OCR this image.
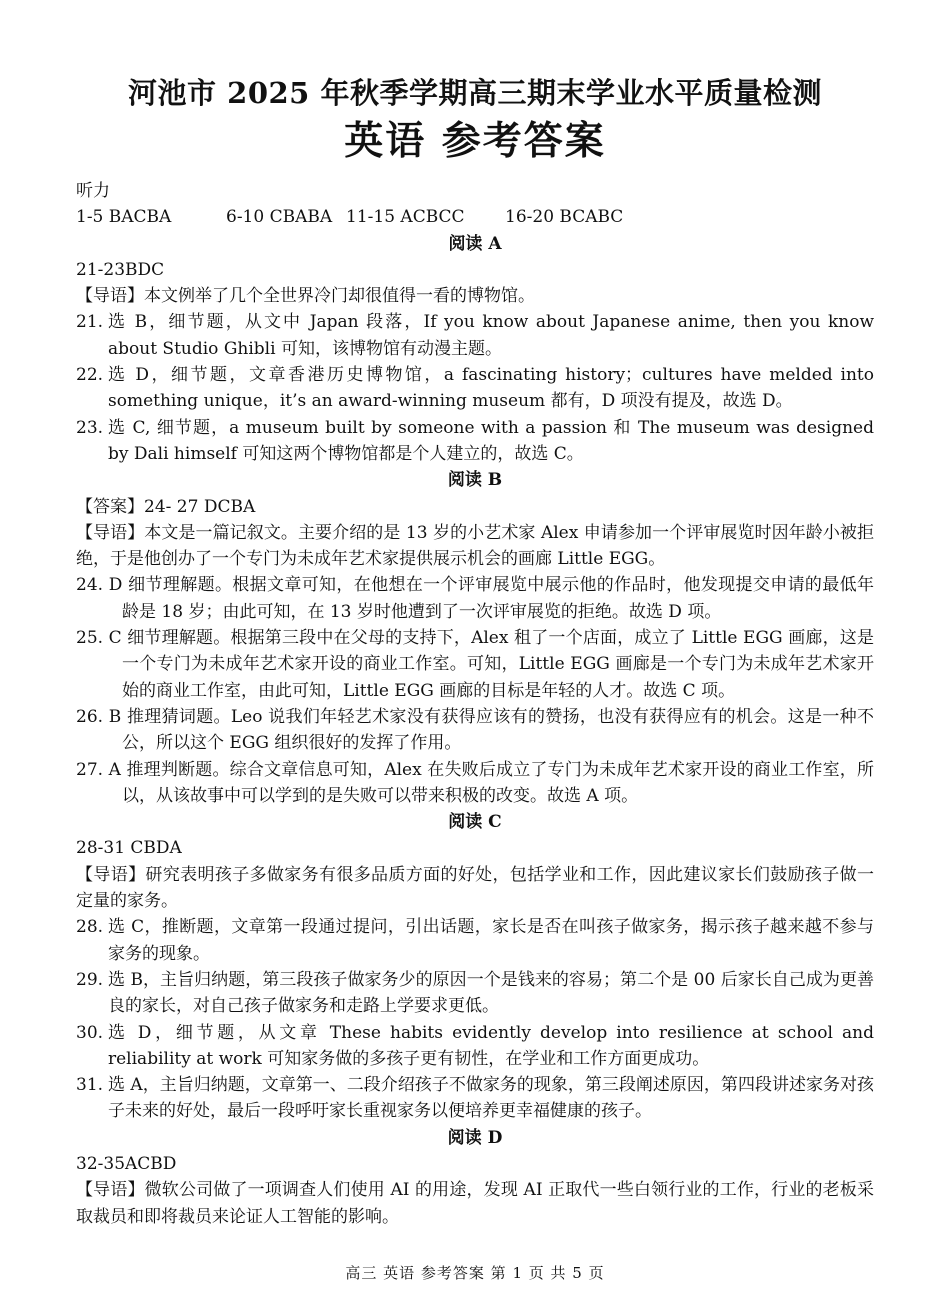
河池市 2025 年秋季学期高三期末学业水平质量检测

英语 参考答案

听力

1-5 BACBA	6-10 CBABA 11-15 ACBCC	16-20 BCABC

阅读 A

21-23BDC

【导语】本文例举了几个全世界冷门却很值得一看的博物馆。

21. 选 B，细节题，从文中 Japan 段落，If you know about Japanese anime, then you know about Studio Ghibli 可知，该博物馆有动漫主题。
22. 选 D，细节题，文章香港历史博物馆，a fascinating history；cultures have melded into something unique，it’s an award-winning museum 都有，D 项没有提及，故选 D。
23. 选 C, 细节题，a museum built by someone with a passion 和 The museum was designed by Dali himself 可知这两个博物馆都是个人建立的，故选 C。

阅读 B

【答案】24- 27 DCBA

【导语】本文是一篇记叙文。主要介绍的是 13 岁的小艺术家 Alex 申请参加一个评审展览时因年龄小被拒绝，于是他创办了一个专门为未成年艺术家提供展示机会的画廊 Little EGG。

24. D 细节理解题。根据文章可知，在他想在一个评审展览中展示他的作品时，他发现提交申请的最低年龄是 18 岁；由此可知，在 13 岁时他遭到了一次评审展览的拒绝。故选 D 项。

25. C 细节理解题。根据第三段中在父母的支持下，Alex 租了一个店面，成立了 Little EGG 画廊，这是一个专门为未成年艺术家开设的商业工作室。可知，Little EGG 画廊是一个专门为未成年艺术家开始的商业工作室，由此可知，Little EGG 画廊的目标是年轻的人才。故选 C 项。

26. B 推理猜词题。Leo 说我们年轻艺术家没有获得应该有的赞扬，也没有获得应有的机会。这是一种不公，所以这个 EGG 组织很好的发挥了作用。

27. A 推理判断题。综合文章信息可知，Alex 在失败后成立了专门为未成年艺术家开设的商业工作室，所以，从该故事中可以学到的是失败可以带来积极的改变。故选 A 项。

阅读 C

28-31 CBDA

【导语】研究表明孩子多做家务有很多品质方面的好处，包括学业和工作，因此建议家长们鼓励孩子做一定量的家务。

28. 选 C，推断题，文章第一段通过提问，引出话题，家长是否在叫孩子做家务，揭示孩子越来越不参与家务的现象。
29. 选 B，主旨归纳题，第三段孩子做家务少的原因一个是钱来的容易；第二个是 00 后家长自己成为更善良的家长，对自己孩子做家务和走路上学要求更低。
30. 选 D，细节题，从文章 These habits evidently develop into resilience at school and reliability at work 可知家务做的多孩子更有韧性，在学业和工作方面更成功。
31. 选 A，主旨归纳题，文章第一、二段介绍孩子不做家务的现象，第三段阐述原因，第四段讲述家务对孩子未来的好处，最后一段呼吁家长重视家务以便培养更幸福健康的孩子。

阅读 D

32-35ACBD

【导语】微软公司做了一项调查人们使用 AI 的用途，发现 AI 正取代一些白领行业的工作，行业的老板采取裁员和即将裁员来论证人工智能的影响。

高三 英语 参考答案 第 1 页 共 5 页
